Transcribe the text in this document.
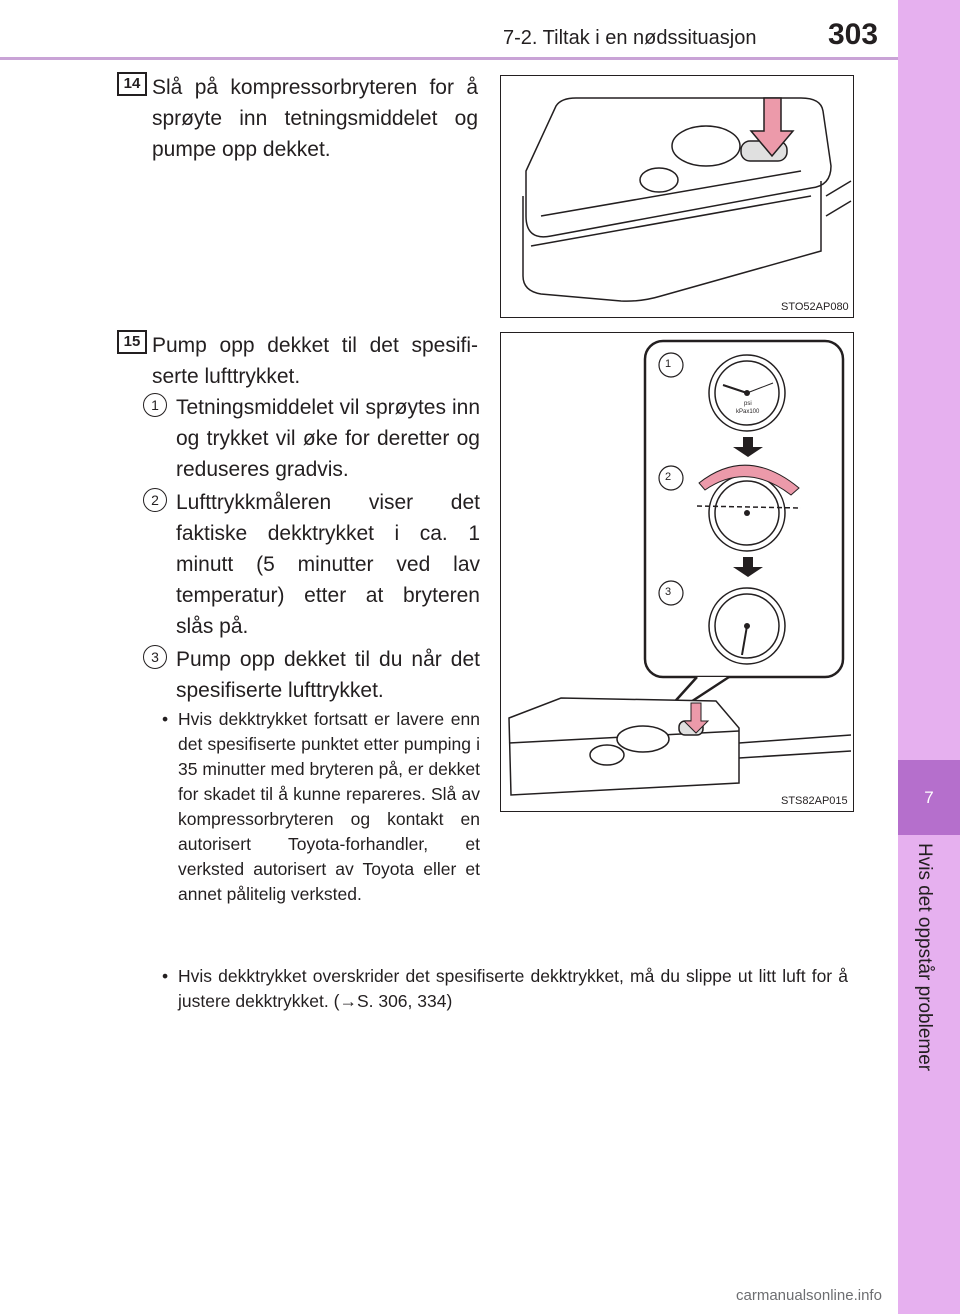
7-2. Tiltak i en nødssituasjon 303
7
Hvis det oppstår problemer
14 Slå på kompressorbryteren for å sprøyte inn tetningsmiddelet og pumpe opp dekket.
STO52AP080
15 Pump opp dekket til det spesifiserte lufttrykket.
1 Tetningsmiddelet vil sprøytes inn og trykket vil øke for deretter og reduseres gradvis.
2 Lufttrykkmåleren viser det faktiske dekktrykket i ca. 1 minutt (5 minutter ved lav temperatur) etter at bryteren slås på.
3 Pump opp dekket til du når det spesifiserte lufttrykket.
• Hvis dekktrykket fortsatt er lavere enn det spesifiserte punktet etter pumping i 35 minutter med bryteren på, er dekket for skadet til å kunne repareres. Slå av kompressorbryteren og kontakt en autorisert Toyota-forhandler, et verksted autorisert av Toyota eller et annet pålitelig verksted.
• Hvis dekktrykket overskrider det spesifiserte dekktrykket, må du slippe ut litt luft for å justere dekktrykket. (→S. 306, 334)
1
2
3
kPax100
psi
STS82AP015
carmanualsonline.info
